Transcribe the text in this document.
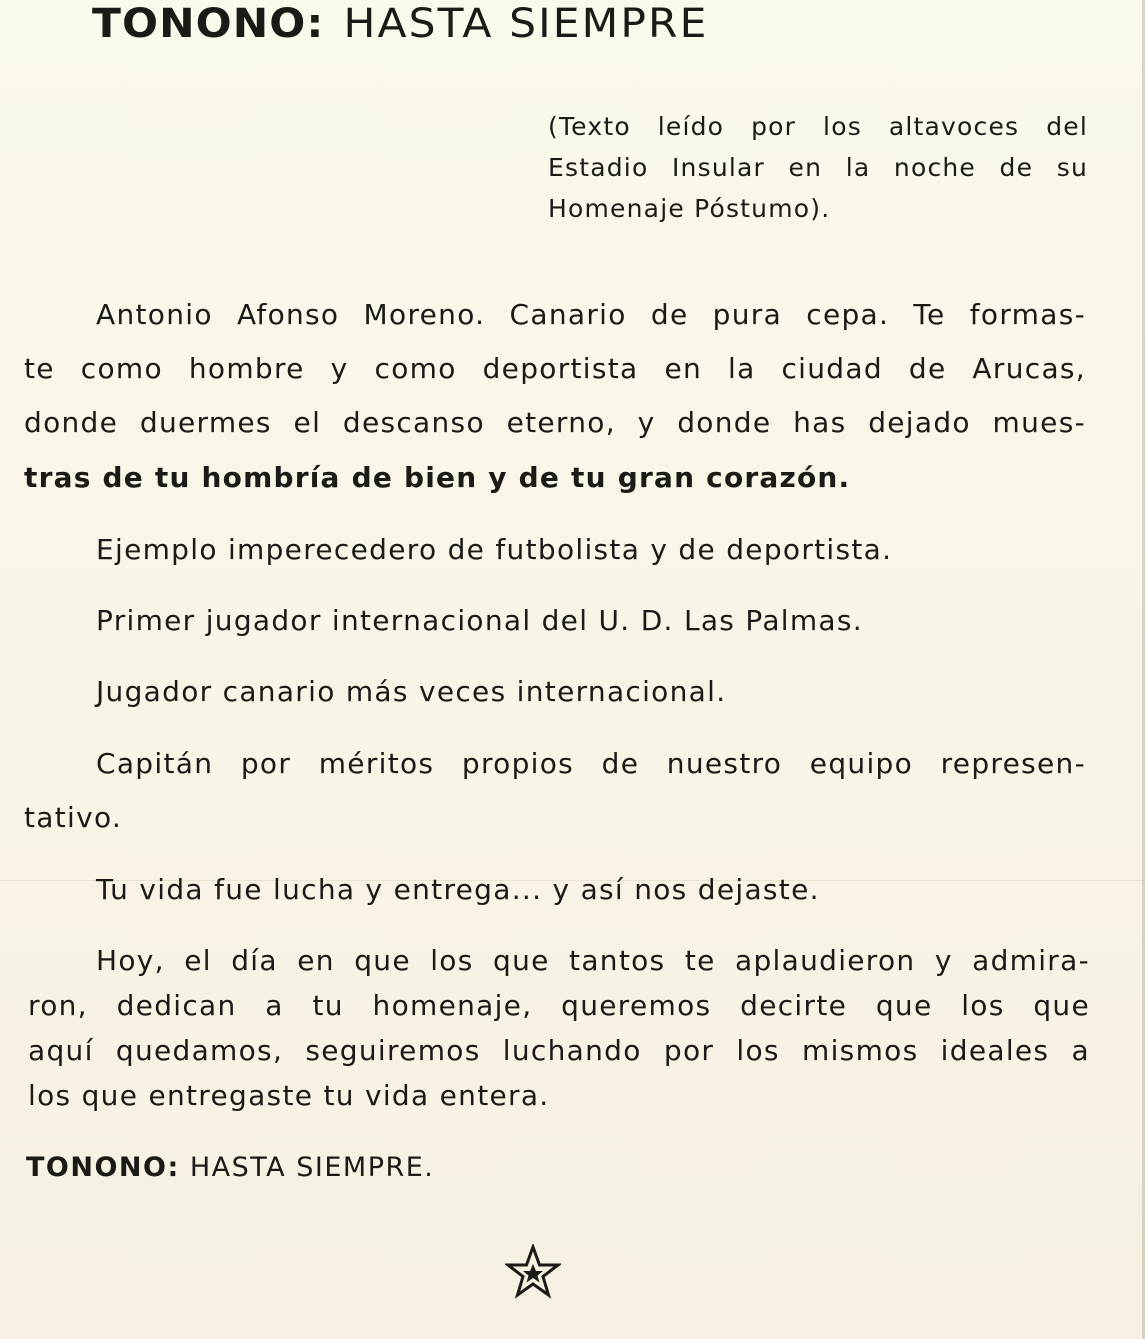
TONONO: HASTA SIEMPRE
(Texto leído por los altavoces del
Estadio Insular en la noche de su
Homenaje Póstumo).
Antonio Afonso Moreno. Canario de pura cepa. Te formas-
te como hombre y como deportista en la ciudad de Arucas,
donde duermes el descanso eterno, y donde has dejado mues-
tras de tu hombría de bien y de tu gran corazón.
Ejemplo imperecedero de futbolista y de deportista.
Primer jugador internacional del U. D. Las Palmas.
Jugador canario más veces internacional.
Capitán por méritos propios de nuestro equipo represen-
tativo.
Tu vida fue lucha y entrega... y así nos dejaste.
Hoy, el día en que los que tantos te aplaudieron y admira-
ron, dedican a tu homenaje, queremos decirte que los que
aquí quedamos, seguiremos luchando por los mismos ideales a
los que entregaste tu vida entera.
TONONO: HASTA SIEMPRE.
